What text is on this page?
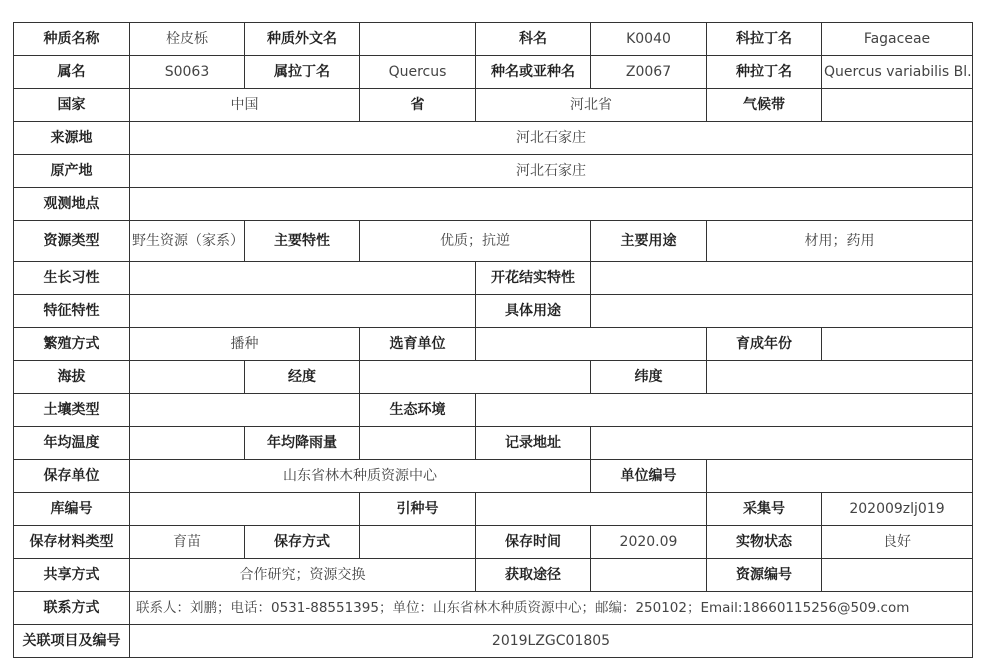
种质名称	栓皮栎	种质外文名		科名	K0040	科拉丁名	Fagaceae
属名	S0063	属拉丁名	Quercus	种名或亚种名	Z0067	种拉丁名	Quercus variabilis Bl.
国家	中国		省	河北省		气候带	
来源地	河北石家庄						
原产地	河北石家庄						
观测地点							
资源类型	野生资源（家系）	主要特性	优质；抗逆		主要用途	材用；药用	
生长习性				开花结实特性			
特征特性				具体用途			
繁殖方式	播种		选育单位			育成年份	
海拔		经度			纬度		
土壤类型			生态环境				
年均温度		年均降雨量		记录地址			
保存单位	山东省林木种质资源中心				单位编号		
库编号			引种号			采集号	202009zlj019
保存材料类型	育苗	保存方式		保存时间	2020.09	实物状态	良好
共享方式	合作研究；资源交换			获取途径		资源编号	
联系方式	联系人：刘鹏；电话：0531-88551395；单位：山东省林木种质资源中心；邮编：250102；Email:18660115256@509.com						
关联项目及编号	2019LZGC01805						
